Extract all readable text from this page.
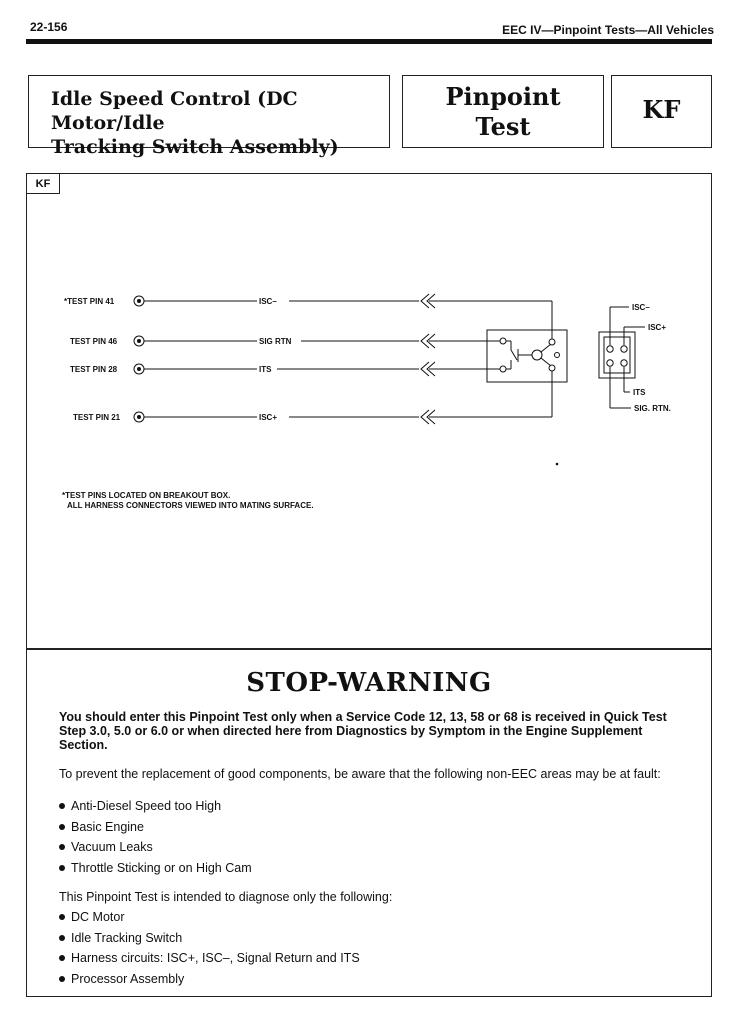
22-156	EEC IV—Pinpoint Tests—All Vehicles
Idle Speed Control (DC Motor/Idle
Tracking Switch Assembly)
Pinpoint
Test
KF
KF
*TEST PIN 41
TEST PIN 46
TEST PIN 28
TEST PIN 21
ISC–
SIG RTN
ITS
ISC+
ISC–
ISC+
ITS
SIG. RTN.
*TEST PINS LOCATED ON BREAKOUT BOX.
ALL HARNESS CONNECTORS VIEWED INTO MATING SURFACE.
STOP-WARNING
You should enter this Pinpoint Test only when a Service Code 12, 13, 58 or 68 is received in Quick Test Step 3.0, 5.0 or 6.0 or when directed here from Diagnostics by Symptom in the Engine Supplement Section.
To prevent the replacement of good components, be aware that the following non-EEC areas may be at fault:
Anti-Diesel Speed too High
Basic Engine
Vacuum Leaks
Throttle Sticking or on High Cam
This Pinpoint Test is intended to diagnose only the following:
DC Motor
Idle Tracking Switch
Harness circuits: ISC+, ISC–, Signal Return and ITS
Processor Assembly
